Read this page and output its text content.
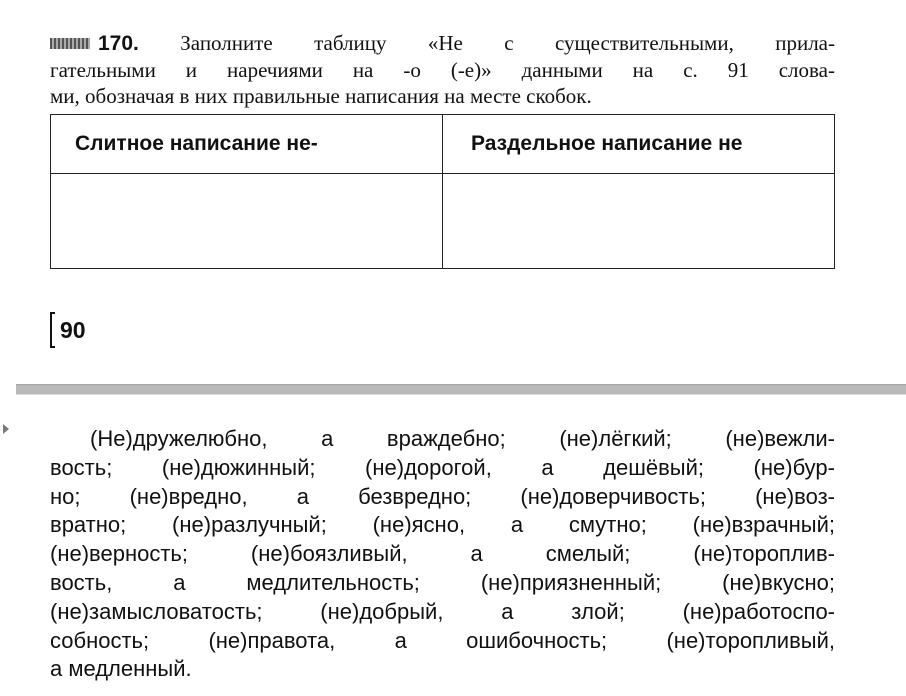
170. Заполните таблицу «Не с существительными, прила-
гательными и наречиями на -о (-е)» данными на с. 91 слова-
ми, обозначая в них правильные написания на месте скобок.
Слитное написание не-	Раздельное написание не

90
(Не)дружелюбно, а враждебно; (не)лёгкий; (не)вежли-
вость; (не)дюжинный; (не)дорогой, а дешёвый; (не)бур-
но; (не)вредно, а безвредно; (не)доверчивость; (не)воз-
вратно; (не)разлучный; (не)ясно, а смутно; (не)взрачный;
(не)верность; (не)боязливый, а смелый; (не)тороплив-
вость, а медлительность; (не)приязненный; (не)вкусно;
(не)замысловатость; (не)добрый, а злой; (не)работоспо-
собность; (не)правота, а ошибочность; (не)торопливый,
а медленный.
